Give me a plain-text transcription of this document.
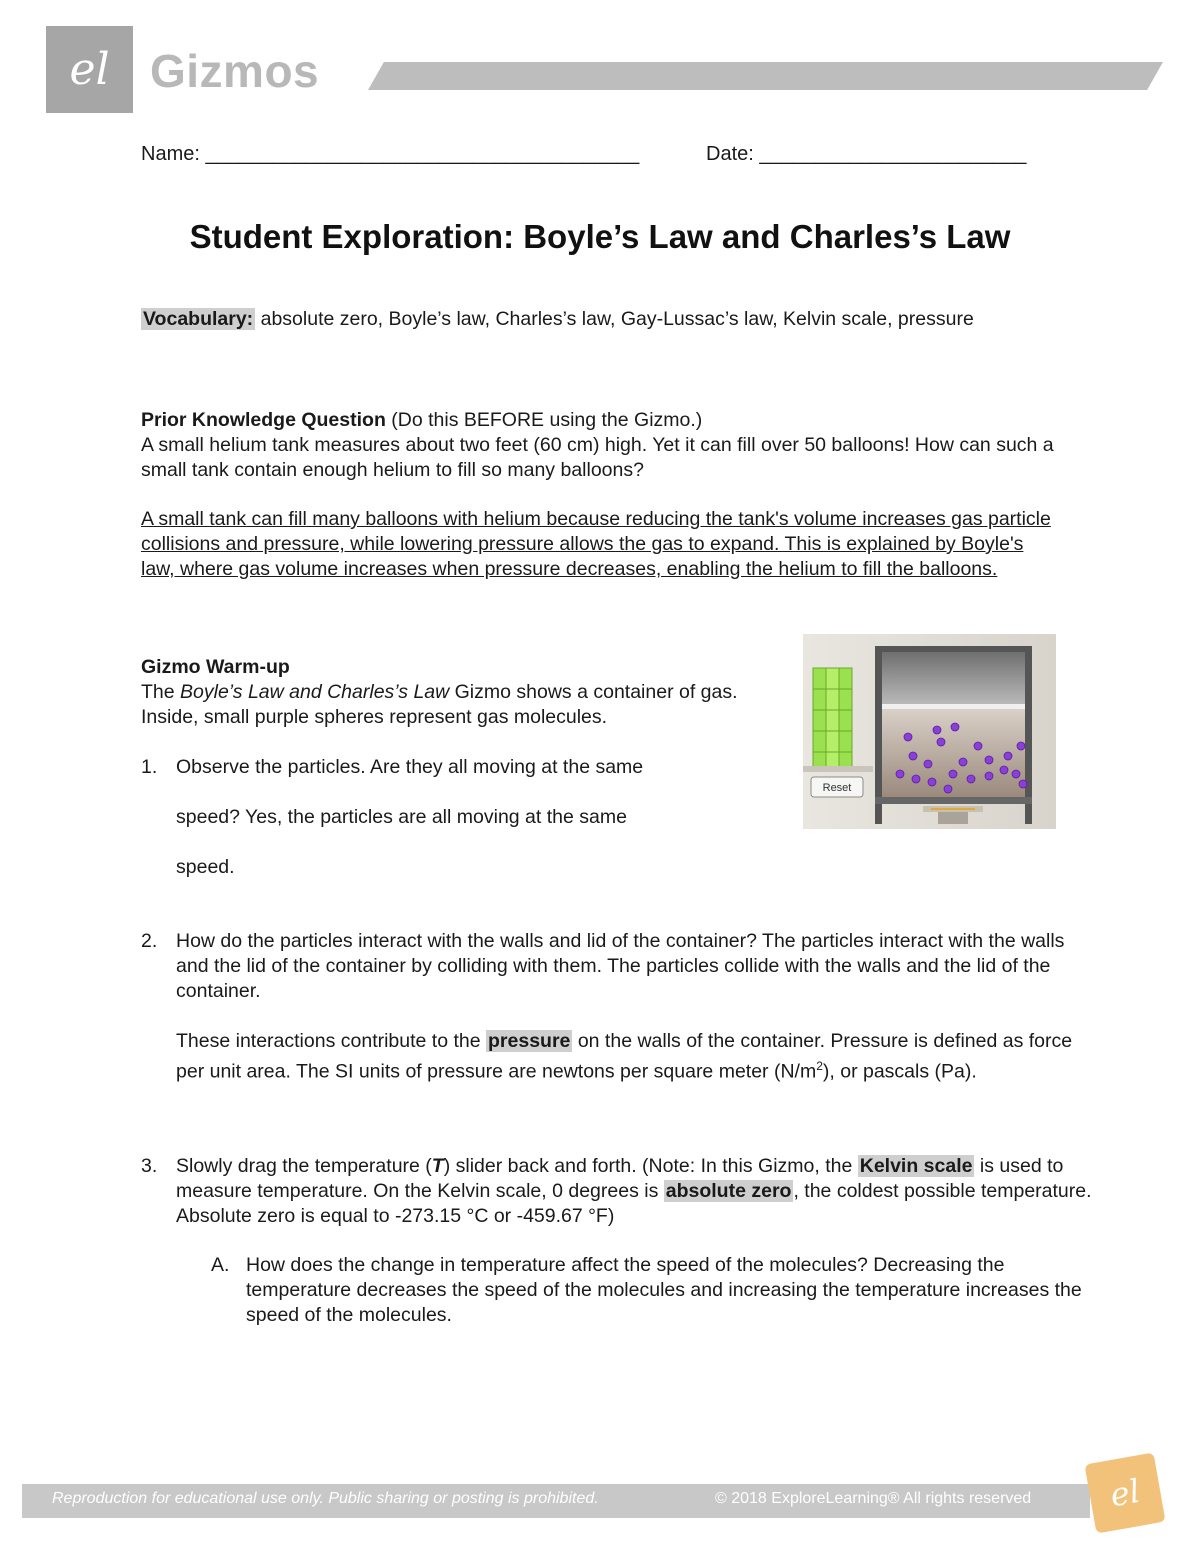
el Gizmos
Name: _______________________________________	Date: ________________________
Student Exploration: Boyle’s Law and Charles’s Law
Vocabulary: absolute zero, Boyle’s law, Charles’s law, Gay-Lussac’s law, Kelvin scale, pressure
Prior Knowledge Question (Do this BEFORE using the Gizmo.)
A small helium tank measures about two feet (60 cm) high. Yet it can fill over 50 balloons! How can such a small tank contain enough helium to fill so many balloons?
A small tank can fill many balloons with helium because reducing the tank's volume increases gas particle collisions and pressure, while lowering pressure allows the gas to expand. This is explained by Boyle's law, where gas volume increases when pressure decreases, enabling the helium to fill the balloons.
Gizmo Warm-up
The Boyle’s Law and Charles’s Law Gizmo shows a container of gas. Inside, small purple spheres represent gas molecules.
Reset
1. Observe the particles. Are they all moving at the same
speed? Yes, the particles are all moving at the same
speed.
2. How do the particles interact with the walls and lid of the container? The particles interact with the walls and the lid of the container by colliding with them. The particles collide with the walls and the lid of the container.
These interactions contribute to the pressure on the walls of the container. Pressure is defined as force per unit area. The SI units of pressure are newtons per square meter $(N/m^2)$, or pascals (Pa).
3. Slowly drag the temperature (T) slider back and forth. (Note: In this Gizmo, the Kelvin scale is used to measure temperature. On the Kelvin scale, 0 degrees is absolute zero , the coldest possible temperature. Absolute zero is equal to -273.15 °C or -459.67 °F)
A. How does the change in temperature affect the speed of the molecules? Decreasing the temperature decreases the speed of the molecules and increasing the temperature increases the speed of the molecules.
Reproduction for educational use only. Public sharing or posting is prohibited.	© 2018 ExploreLearning® All rights reserved el
